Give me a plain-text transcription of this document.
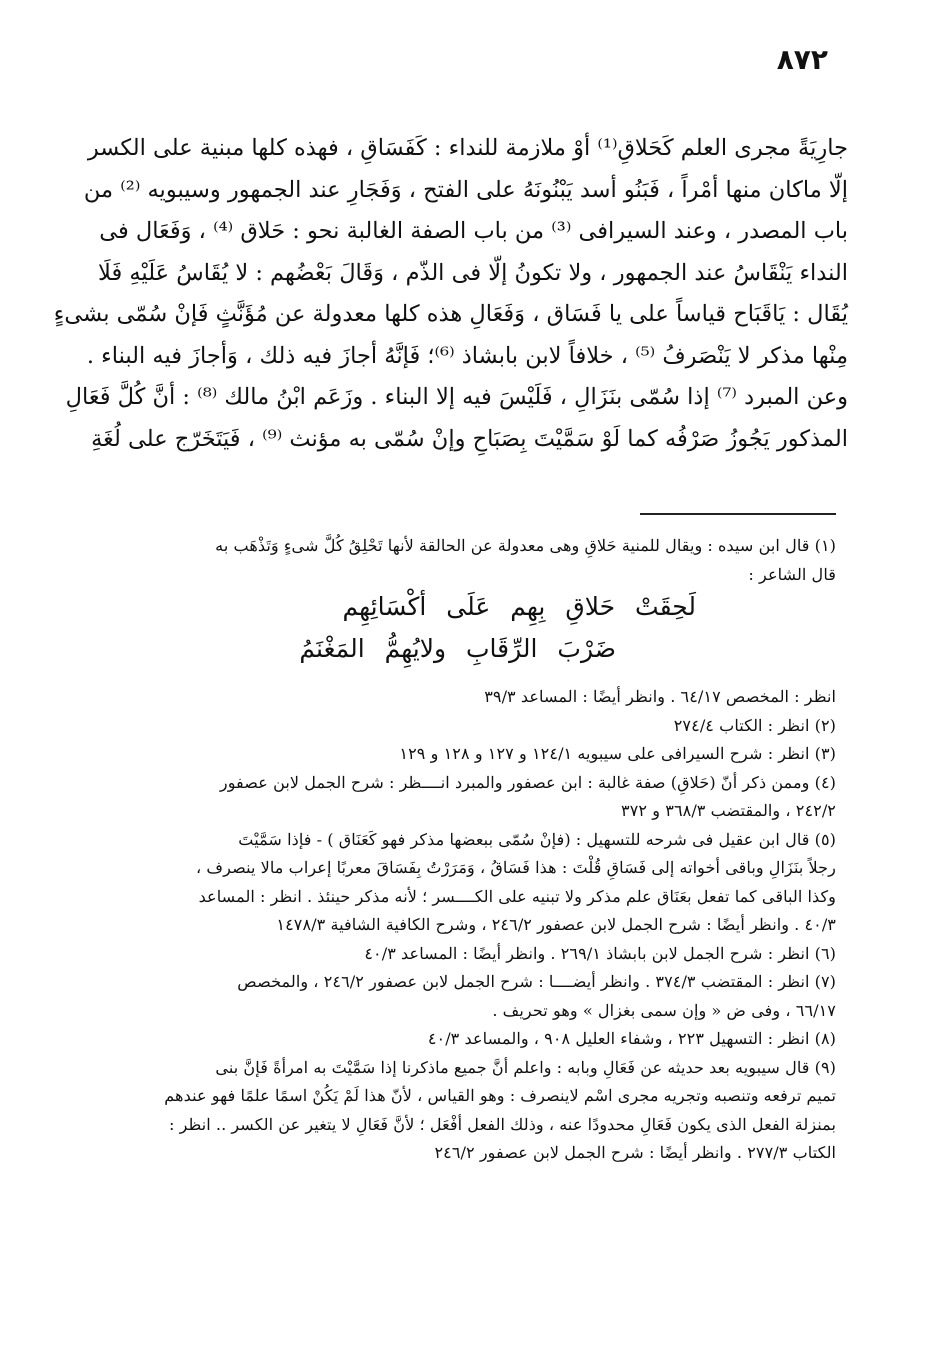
٨٧٢
جارِيَةً مجرى العلم كَحَلاقِ⁽¹⁾ أوْ ملازمة للنداء : كَفَسَاقِ ، فهذه كلها مبنية على الكسر
إلّا ماكان منها أمْراً ، فَبَنُو أسد يَبْنُونَهُ على الفتح ، وَفَجَارِ عند الجمهور وسيبويه ⁽²⁾ من
باب المصدر ، وعند السيرافى ⁽³⁾ من باب الصفة الغالبة نحو : حَلاق ⁽⁴⁾ ، وَفَعَال فى
النداء يَنْقَاسُ عند الجمهور ، ولا تكونُ إلّا فى الذّم ، وَقَالَ بَعْضُهم : لا يُقَاسُ عَلَيْهِ فَلَا
يُقَال : يَاقَبَاح قياساً على يا فَسَاق ، وَفَعَالِ هذه كلها معدولة عن مُؤَنَّثٍ فَإنْ سُمّى بشىءٍ
مِنْها مذكر لا يَنْصَرفُ ⁽⁵⁾ ، خلافاً لابن بابشاذ ⁽⁶⁾؛ فَإنَّهُ أجازَ فيه ذلك ، وَأجازَ فيه البناء .
وعن المبرد ⁽⁷⁾ إذا سُمّى بنَزَالِ ، فَلَيْسَ فيه إلا البناء . وزَعَم ابْنُ مالك ⁽⁸⁾ : أنَّ كُلَّ فَعَالِ
المذكور يَجُوزُ صَرْفُه كما لَوْ سَمَّيْتَ بِصَبَاحِ وإنْ سُمّى به مؤنث ⁽⁹⁾ ، فَيَتَخَرّج على لُغَةِ
(١) قال ابن سيده : ويقال للمنية حَلاقِ وهى معدولة عن الحالقة لأنها تَحْلِقُ كُلَّ شىءٍ وَتَذْهَب به
قال الشاعر :
لَحِقَتْ حَلاقِ بِهِم عَلَى أكْسَائِهِم
ضَرْبَ الرِّقَابِ ولايُهِمُّ المَغْنَمُ
انظر : المخصص ٦٤/١٧ . وانظر أيضًا : المساعد ٣٩/٣
(٢) انظر : الكتاب ٢٧٤/٤
(٣) انظر : شرح السيرافى على سيبويه ١٢٤/١ و ١٢٧ و ١٢٨ و ١٢٩
(٤) وممن ذكر أنّ (حَلاقِ) صفة غالبة : ابن عصفور والمبرد انــــظر : شرح الجمل لابن عصفور
٢٤٢/٢ ، والمقتضب ٣٦٨/٣ و ٣٧٢
(٥) قال ابن عقيل فى شرحه للتسهيل : (فإنْ سُمّى ببعضها مذكر فهو كَعَنَاق ) - فإذا سَمَّيْتَ
رجلاً بنَزَالِ وباقى أخواته إلى فَسَاقِ قُلْتَ : هذا فَسَاقُ ، وَمَرَرْتُ بِفَسَاقَ معربًا إعراب مالا ينصرف ،
وكذا الباقى كما تفعل بعَنَاق علم مذكر ولا تبنيه على الكــــسر ؛ لأنه مذكر حينئذ . انظر : المساعد
٤٠/٣ . وانظر أيضًا : شرح الجمل لابن عصفور ٢٤٦/٢ ، وشرح الكافية الشافية ١٤٧٨/٣
(٦) انظر : شرح الجمل لابن بابشاذ ٢٦٩/١ . وانظر أيضًا : المساعد ٤٠/٣
(٧) انظر : المقتضب ٣٧٤/٣ . وانظر أيضــــا : شرح الجمل لابن عصفور ٢٤٦/٢ ، والمخصص
٦٦/١٧ ، وفى ض « وإن سمى بغزال » وهو تحريف .
(٨) انظر : التسهيل ٢٢٣ ، وشفاء العليل ٩٠٨ ، والمساعد ٤٠/٣
(٩) قال سيبويه بعد حديثه عن فَعَالِ وبابه : واعلم أنَّ جميع ماذكرنا إذا سَمَّيْتَ به امرأةً فَإنَّ بنى
تميم ترفعه وتنصبه وتجريه مجرى اسْم لاينصرف : وهو القياس ، لأنّ هذا لَمْ يَكُنْ اسمًا علمًا فهو عندهم
بمنزلة الفعل الذى يكون فَعَالِ محدودًا عنه ، وذلك الفعل أفْعَل ؛ لأنَّ فَعَالِ لا يتغير عن الكسر .. انظر :
الكتاب ٢٧٧/٣ . وانظر أيضًا : شرح الجمل لابن عصفور ٢٤٦/٢
